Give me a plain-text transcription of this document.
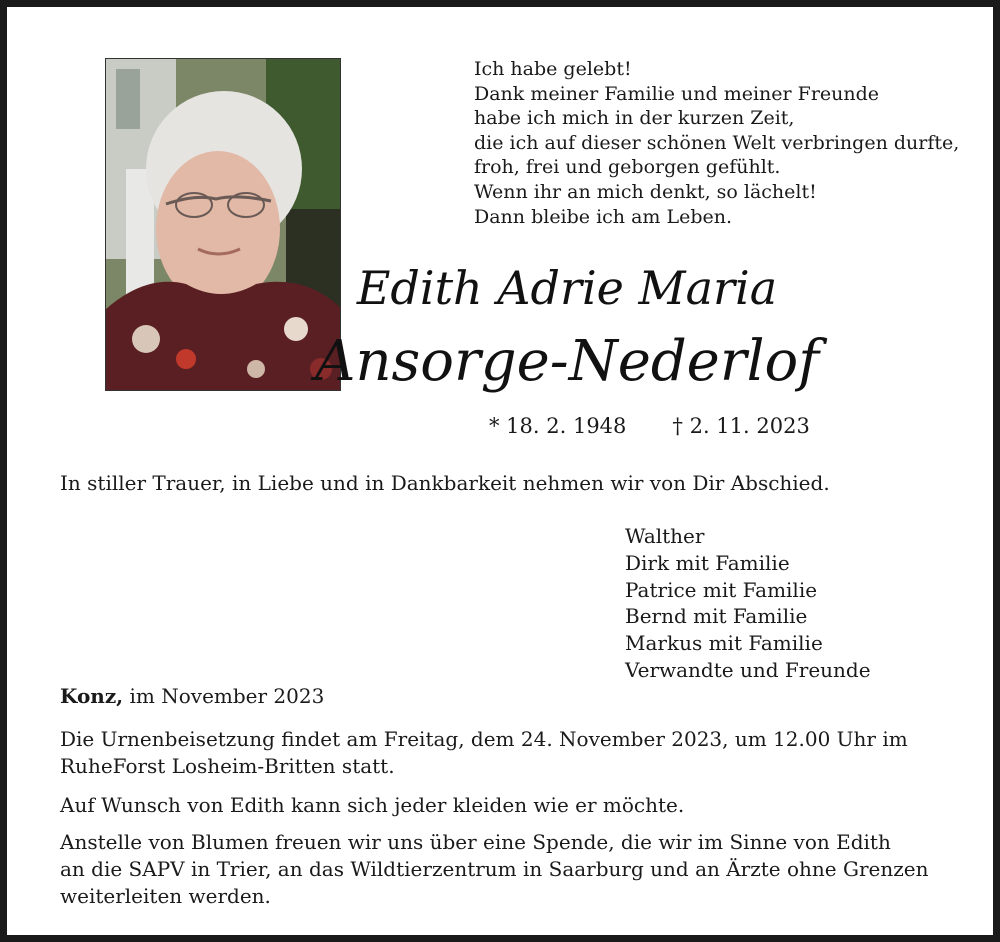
Ich habe gelebt!
Dank meiner Familie und meiner Freunde
habe ich mich in der kurzen Zeit,
die ich auf dieser schönen Welt verbringen durfte,
froh, frei und geborgen gefühlt.
Wenn ihr an mich denkt, so lächelt!
Dann bleibe ich am Leben.
Edith Adrie Maria
Ansorge-Nederlof
* 18. 2. 1948 † 2. 11. 2023
In stiller Trauer, in Liebe und in Dankbarkeit nehmen wir von Dir Abschied.
Walther
Dirk mit Familie
Patrice mit Familie
Bernd mit Familie
Markus mit Familie
Verwandte und Freunde
Konz, im November 2023
Die Urnenbeisetzung findet am Freitag, dem 24. November 2023, um 12.00 Uhr im
RuheForst Losheim-Britten statt.
Auf Wunsch von Edith kann sich jeder kleiden wie er möchte.
Anstelle von Blumen freuen wir uns über eine Spende, die wir im Sinne von Edith
an die SAPV in Trier, an das Wildtierzentrum in Saarburg und an Ärzte ohne Grenzen
weiterleiten werden.
